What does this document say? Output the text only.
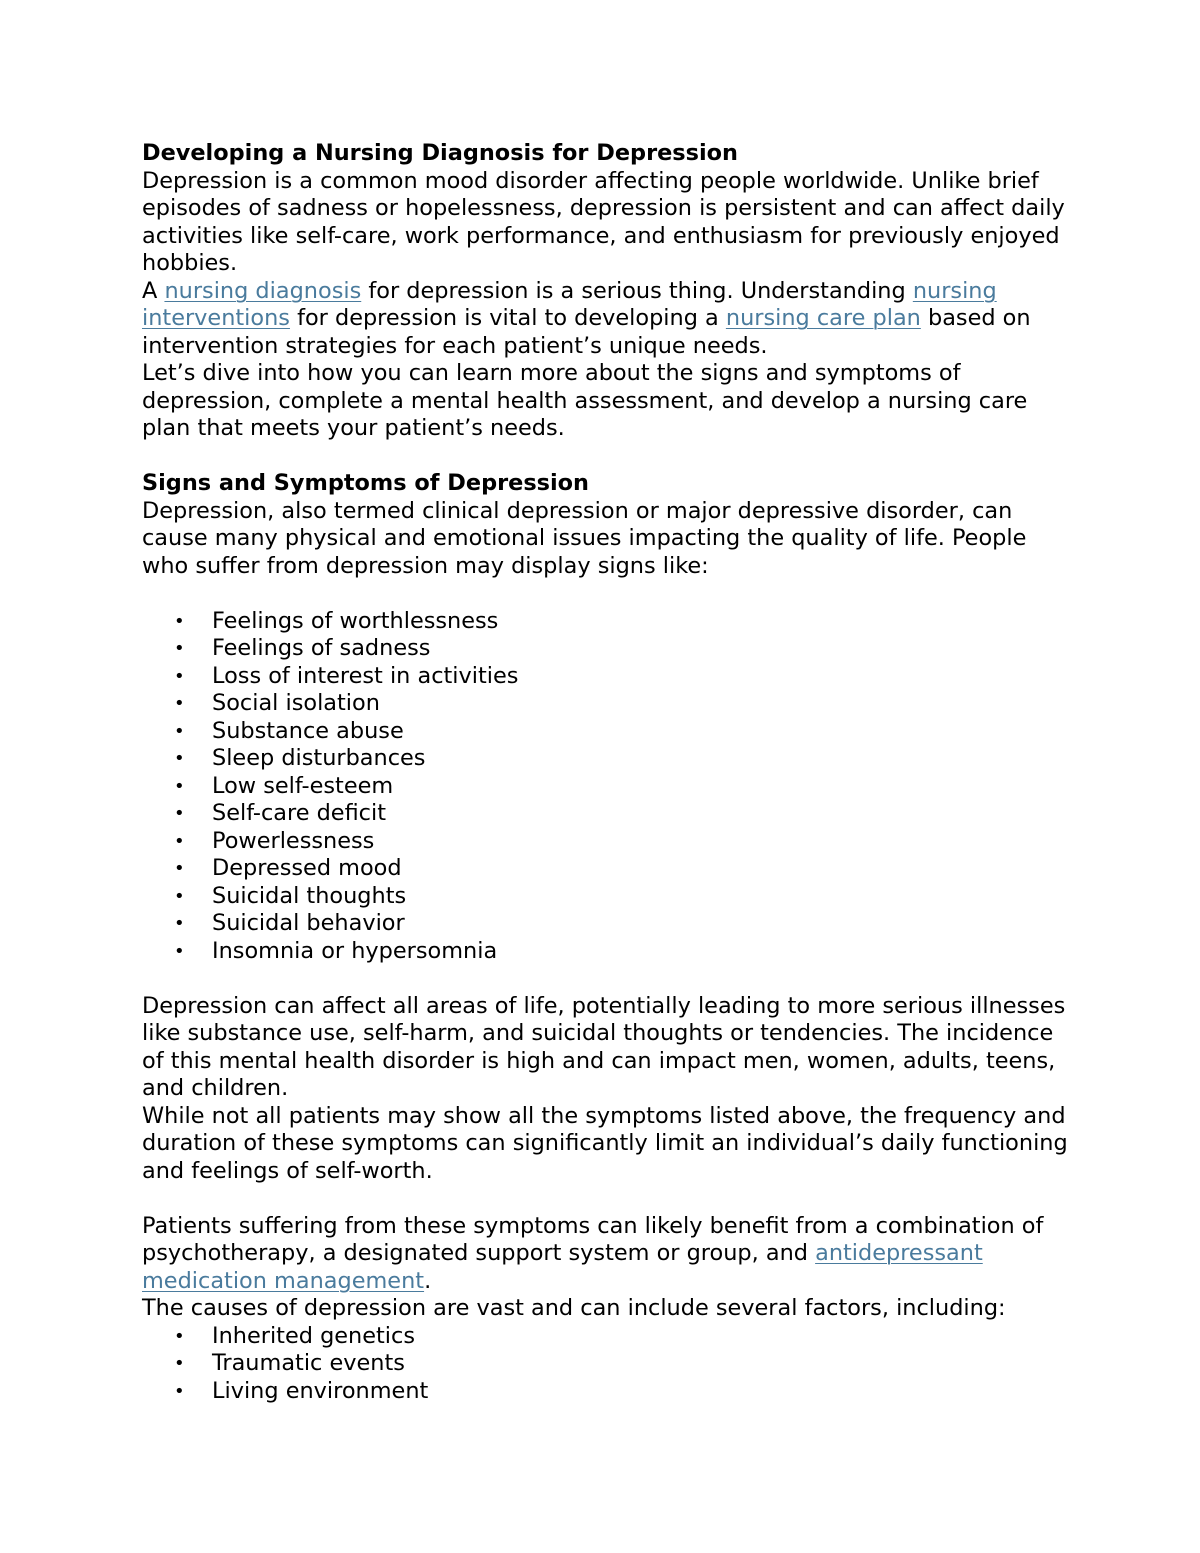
Developing a Nursing Diagnosis for Depression

Depression is a common mood disorder affecting people worldwide. Unlike brief episodes of sadness or hopelessness, depression is persistent and can affect daily activities like self-care, work performance, and enthusiasm for previously enjoyed hobbies.

A nursing diagnosis for depression is a serious thing. Understanding nursing interventions for depression is vital to developing a nursing care plan based on intervention strategies for each patient’s unique needs.

Let’s dive into how you can learn more about the signs and symptoms of depression, complete a mental health assessment, and develop a nursing care plan that meets your patient’s needs.

Signs and Symptoms of Depression

Depression, also termed clinical depression or major depressive disorder, can cause many physical and emotional issues impacting the quality of life. People who suffer from depression may display signs like:

• Feelings of worthlessness
• Feelings of sadness
• Loss of interest in activities
• Social isolation
• Substance abuse
• Sleep disturbances
• Low self-esteem
• Self-care deficit
• Powerlessness
• Depressed mood
• Suicidal thoughts
• Suicidal behavior
• Insomnia or hypersomnia

Depression can affect all areas of life, potentially leading to more serious illnesses like substance use, self-harm, and suicidal thoughts or tendencies. The incidence of this mental health disorder is high and can impact men, women, adults, teens, and children.

While not all patients may show all the symptoms listed above, the frequency and duration of these symptoms can significantly limit an individual’s daily functioning and feelings of self-worth.

Patients suffering from these symptoms can likely benefit from a combination of psychotherapy, a designated support system or group, and antidepressant medication management.

The causes of depression are vast and can include several factors, including:

• Inherited genetics
• Traumatic events
• Living environment
